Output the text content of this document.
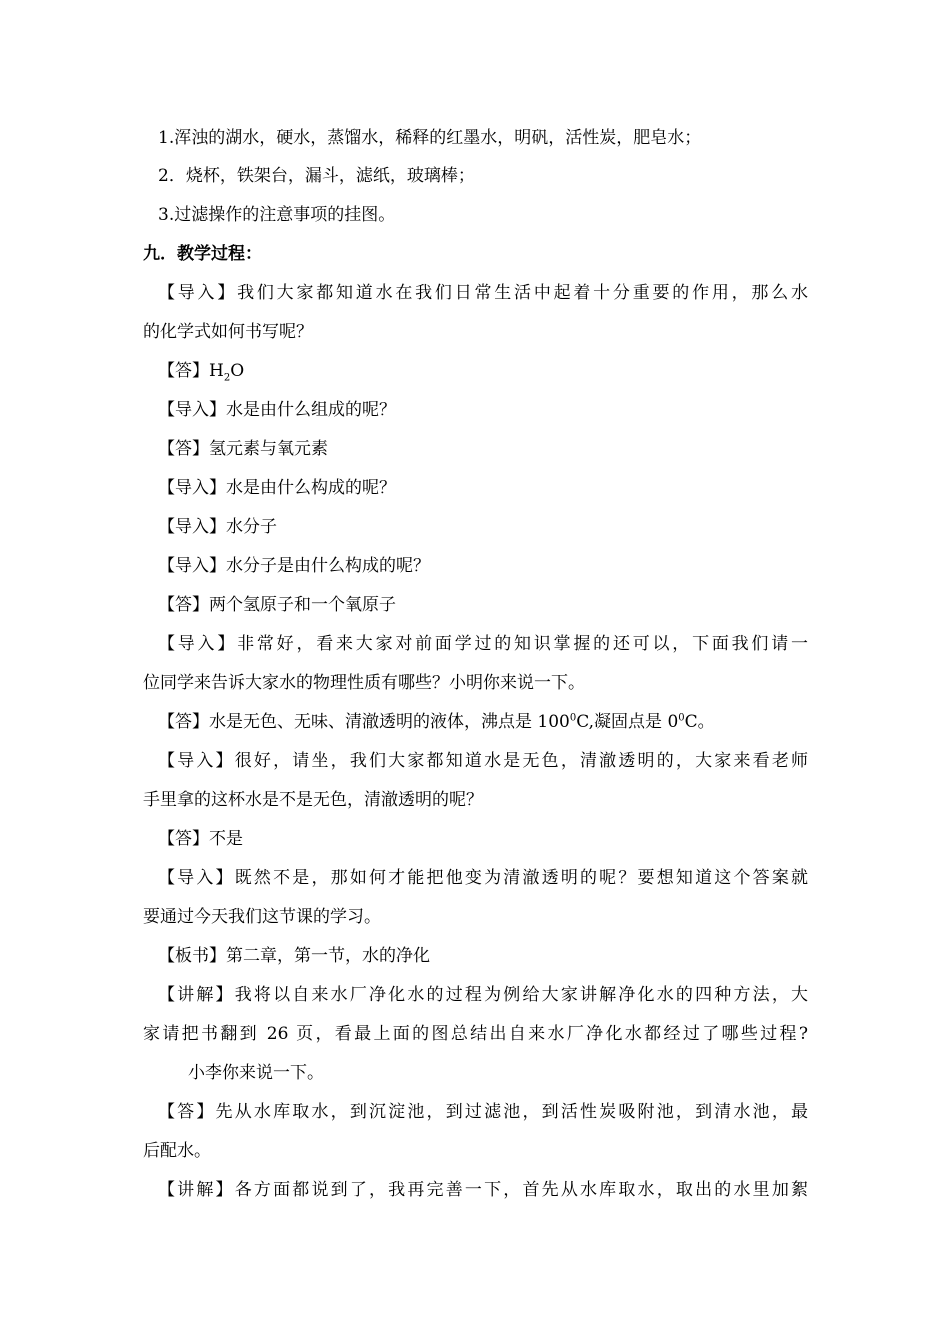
1.浑浊的湖水，硬水，蒸馏水，稀释的红墨水，明矾，活性炭，肥皂水；
2．烧杯，铁架台，漏斗，滤纸，玻璃棒；
3.过滤操作的注意事项的挂图。
九．教学过程：
【导入】我们大家都知道水在我们日常生活中起着十分重要的作用，那么水
的化学式如何书写呢？
【答】$H_2O$
【导入】水是由什么组成的呢？
【答】氢元素与氧元素
【导入】水是由什么构成的呢？
【导入】水分子
【导入】水分子是由什么构成的呢？
【答】两个氢原子和一个氧原子
【导入】非常好，看来大家对前面学过的知识掌握的还可以，下面我们请一
位同学来告诉大家水的物理性质有哪些？小明你来说一下。
【答】水是无色、无味、清澈透明的液体，沸点是 $100^0C$,凝固点是 $0^0C$。
【导入】很好，请坐，我们大家都知道水是无色，清澈透明的，大家来看老师
手里拿的这杯水是不是无色，清澈透明的呢？
【答】不是
【导入】既然不是，那如何才能把他变为清澈透明的呢？要想知道这个答案就
要通过今天我们这节课的学习。
【板书】第二章，第一节，水的净化
【讲解】我将以自来水厂净化水的过程为例给大家讲解净化水的四种方法，大
家请把书翻到 26 页，看最上面的图总结出自来水厂净化水都经过了哪些过程?
小李你来说一下。
【答】先从水库取水，到沉淀池，到过滤池，到活性炭吸附池，到清水池，最
后配水。
【讲解】各方面都说到了，我再完善一下，首先从水库取水，取出的水里加絮
